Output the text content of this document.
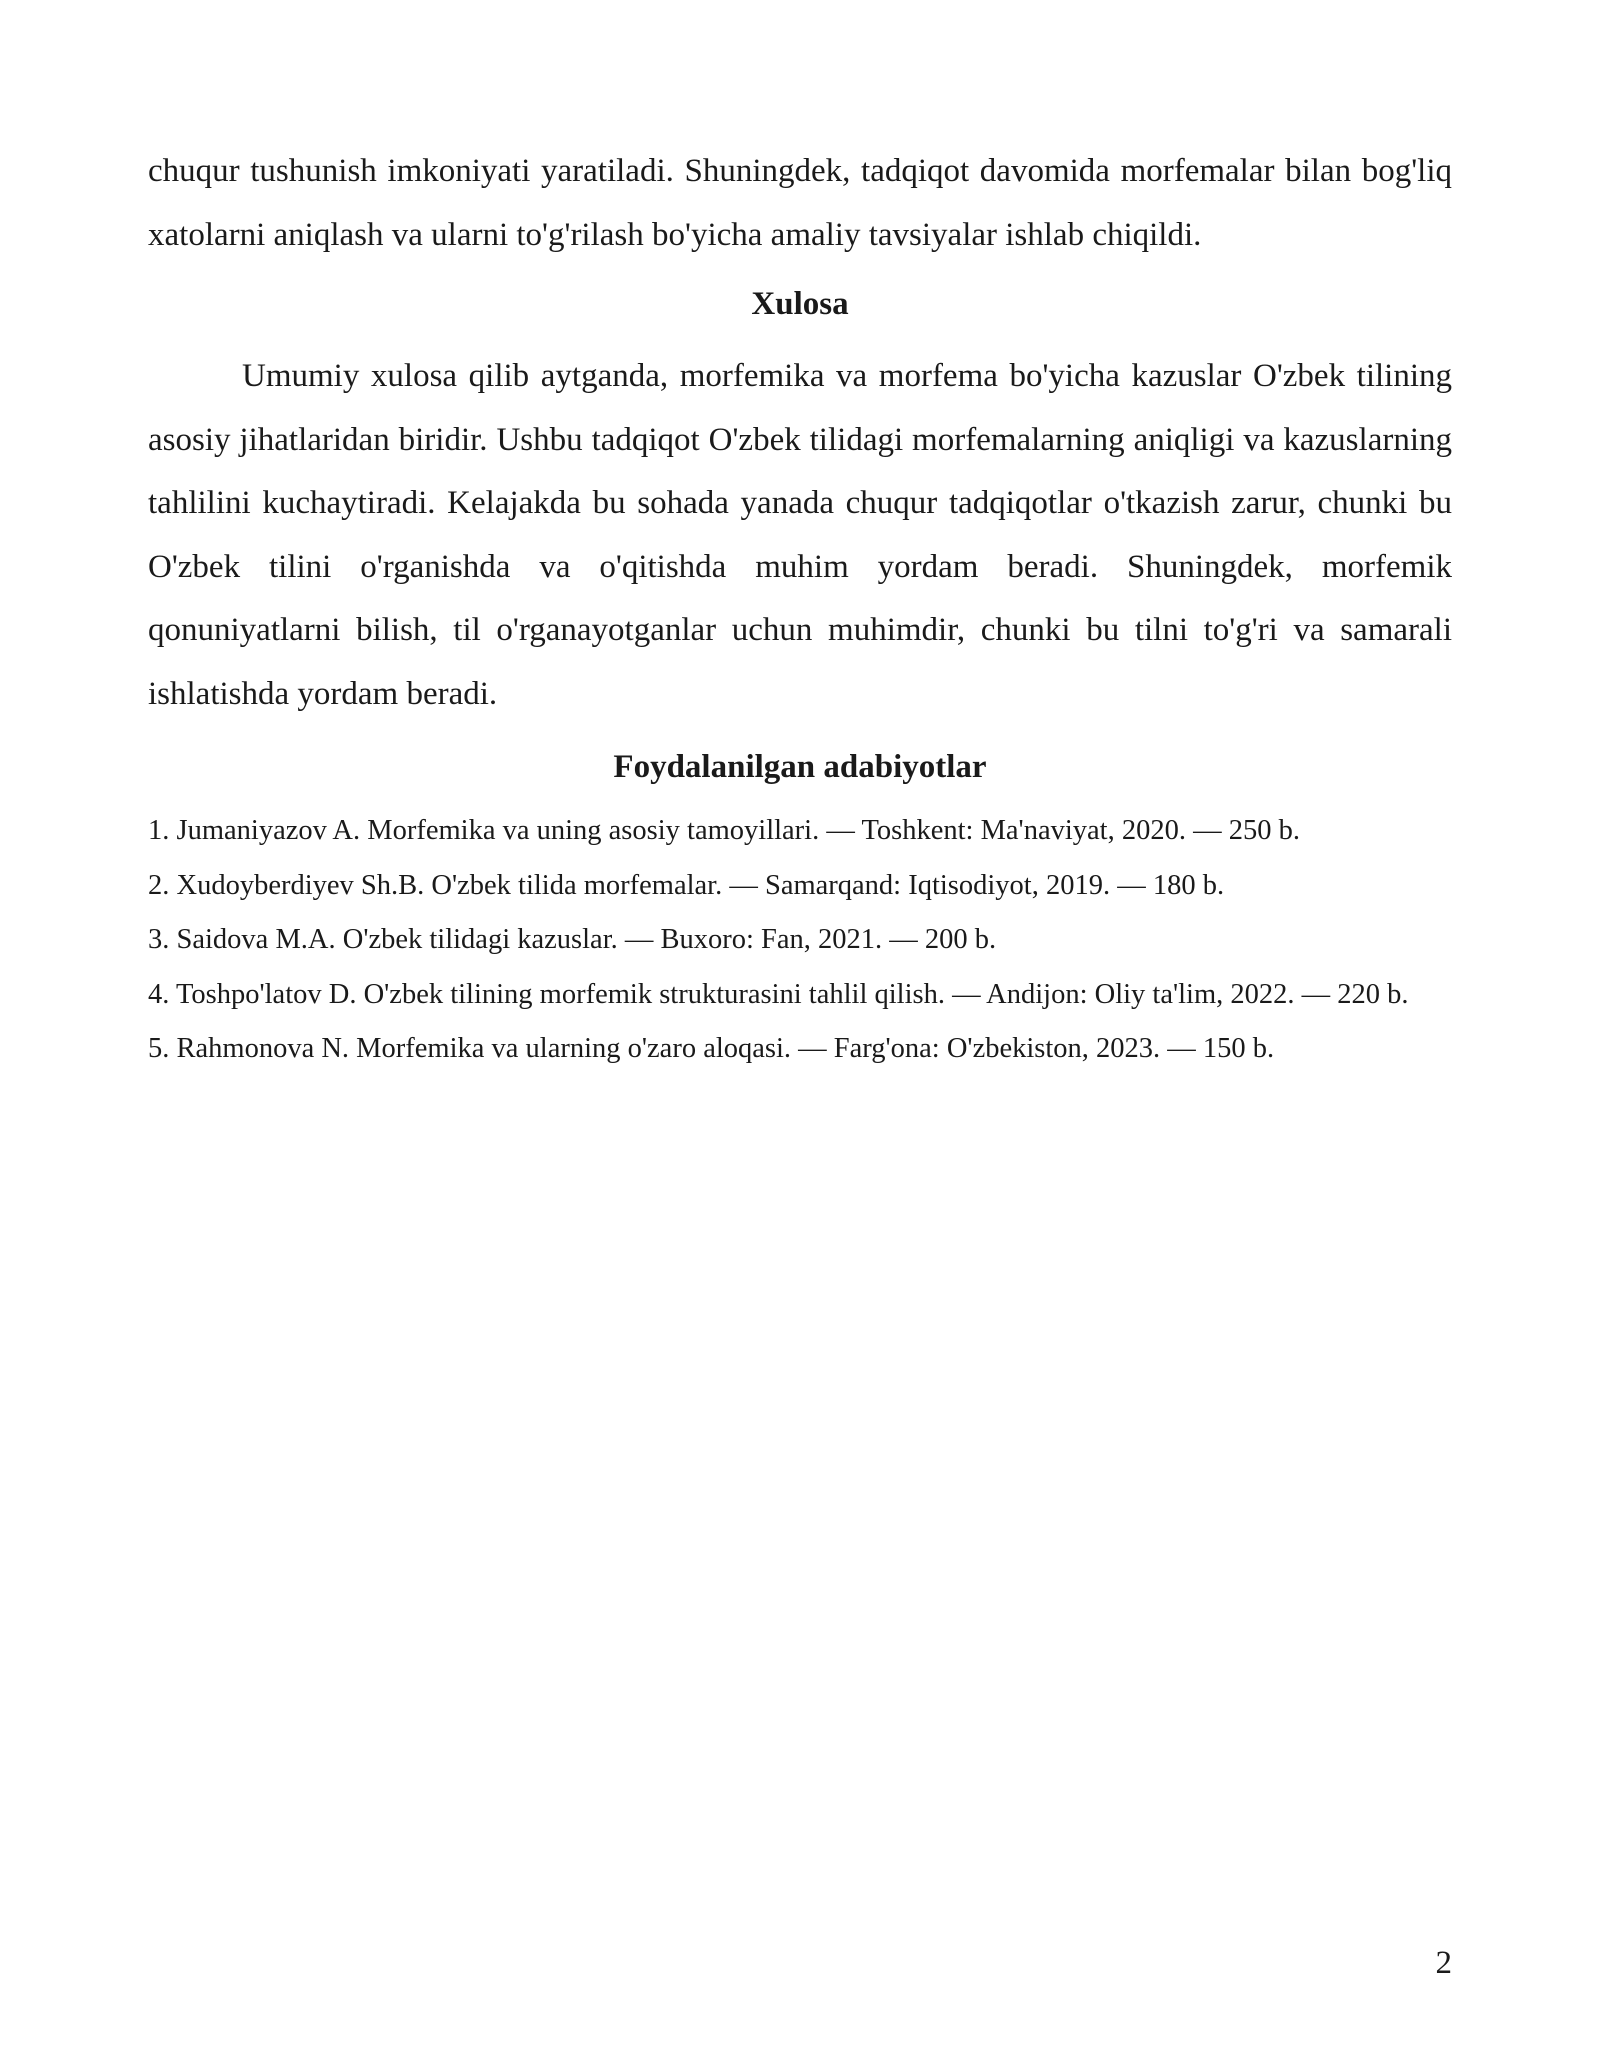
chuqur tushunish imkoniyati yaratiladi. Shuningdek, tadqiqot davomida morfemalar bilan bog'liq xatolarni aniqlash va ularni to'g'rilash bo'yicha amaliy tavsiyalar ishlab chiqildi.

Xulosa

Umumiy xulosa qilib aytganda, morfemika va morfema bo'yicha kazuslar O'zbek tilining asosiy jihatlaridan biridir. Ushbu tadqiqot O'zbek tilidagi morfemalarning aniqligi va kazuslarning tahlilini kuchaytiradi. Kelajakda bu sohada yanada chuqur tadqiqotlar o'tkazish zarur, chunki bu O'zbek tilini o'rganishda va o'qitishda muhim yordam beradi. Shuningdek, morfemik qonuniyatlarni bilish, til o'rganayotganlar uchun muhimdir, chunki bu tilni to'g'ri va samarali ishlatishda yordam beradi.

Foydalanilgan adabiyotlar
1. Jumaniyazov A. Morfemika va uning asosiy tamoyillari. — Toshkent: Ma'naviyat, 2020. — 250 b.
2. Xudoyberdiyev Sh.B. O'zbek tilida morfemalar. — Samarqand: Iqtisodiyot, 2019. — 180 b.
3. Saidova M.A. O'zbek tilidagi kazuslar. — Buxoro: Fan, 2021. — 200 b.
4. Toshpo'latov D. O'zbek tilining morfemik strukturasini tahlil qilish. — Andijon: Oliy ta'lim, 2022. — 220 b.
5. Rahmonova N. Morfemika va ularning o'zaro aloqasi. — Farg'ona: O'zbekiston, 2023. — 150 b.
2
